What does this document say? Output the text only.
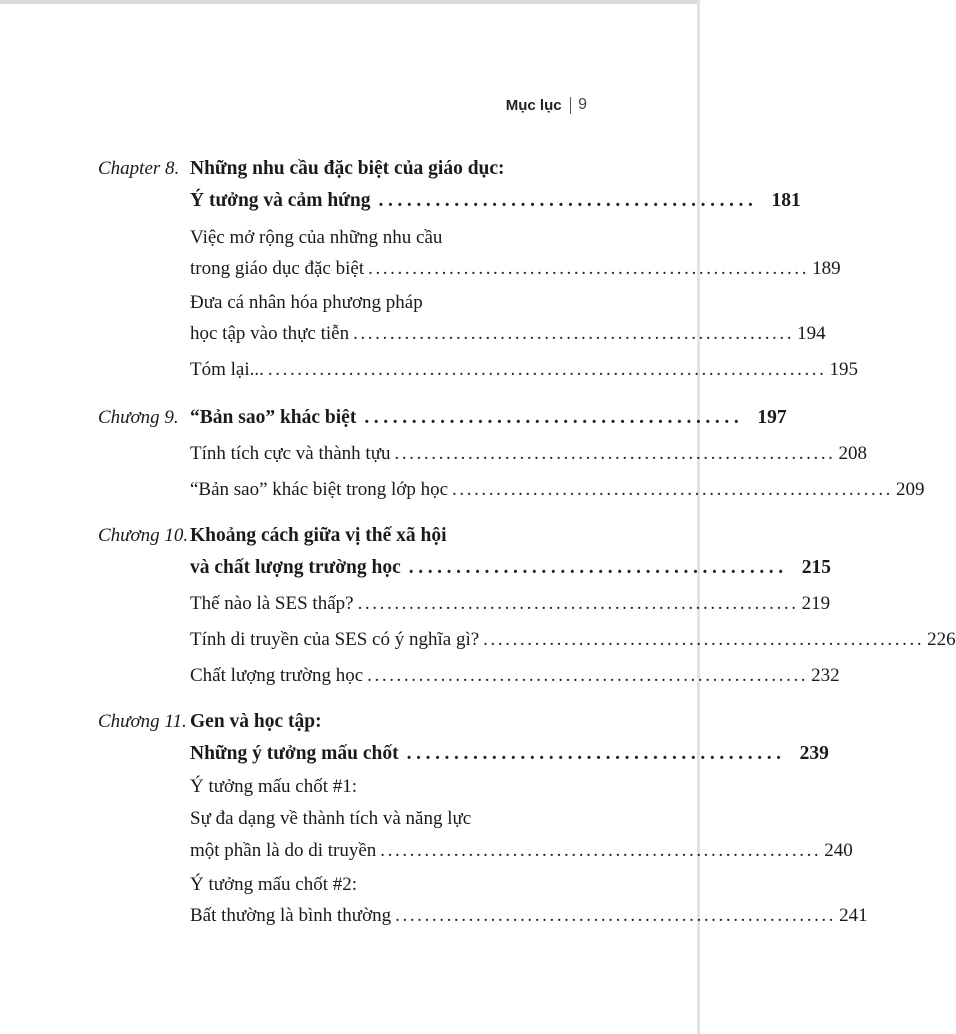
Mục lục 9
Chapter 8. Những nhu cầu đặc biệt của giáo dục:
Ý tưởng và cảm hứng ........................................ 181
Việc mở rộng của những nhu cầu
trong giáo dục đặc biệt ............................................................ 189
Đưa cá nhân hóa phương pháp
học tập vào thực tiễn ............................................................ 194
Tóm lại... ............................................................................ 195
Chương 9. “Bản sao” khác biệt ........................................ 197
Tính tích cực và thành tựu ............................................................ 208
“Bản sao” khác biệt trong lớp học ............................................................ 209
Chương 10. Khoảng cách giữa vị thế xã hội
và chất lượng trường học ........................................ 215
Thế nào là SES thấp? ............................................................ 219
Tính di truyền của SES có ý nghĩa gì? ............................................................ 226
Chất lượng trường học ............................................................ 232
Chương 11. Gen và học tập:
Những ý tưởng mấu chốt ........................................ 239
Ý tưởng mấu chốt #1:
Sự đa dạng về thành tích và năng lực
một phần là do di truyền ............................................................ 240
Ý tưởng mấu chốt #2:
Bất thường là bình thường ............................................................ 241
